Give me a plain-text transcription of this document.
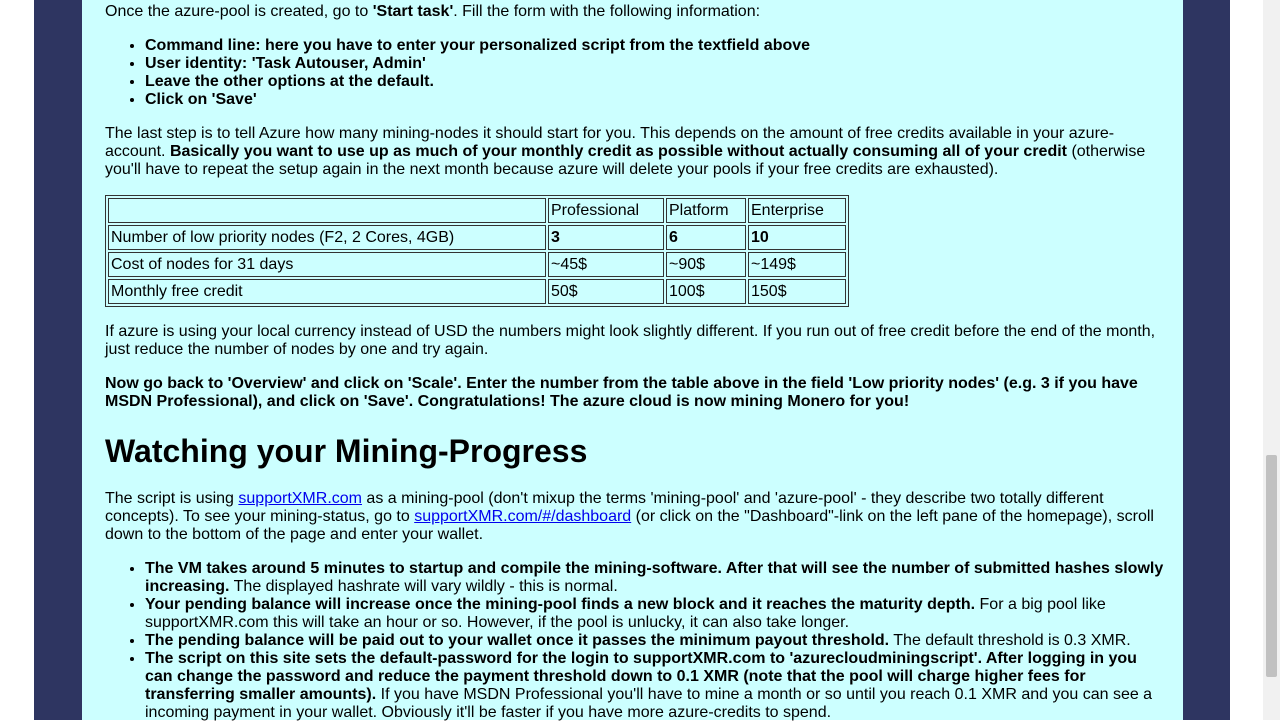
Once the azure-pool is created, go to 'Start task'. Fill the form with the following information:

• Command line: here you have to enter your personalized script from the textfield above
• User identity: 'Task Autouser, Admin'
• Leave the other options at the default.
• Click on 'Save'

The last step is to tell Azure how many mining-nodes it should start for you. This depends on the amount of free credits available in your azure-account. Basically you want to use up as much of your monthly credit as possible without actually consuming all of your credit (otherwise you'll have to repeat the setup again in the next month because azure will delete your pools if your free credits are exhausted).

	Professional	Platform	Enterprise
Number of low priority nodes (F2, 2 Cores, 4GB)	3	6	10
Cost of nodes for 31 days	~45$	~90$	~149$
Monthly free credit	50$	100$	150$

If azure is using your local currency instead of USD the numbers might look slightly different. If you run out of free credit before the end of the month, just reduce the number of nodes by one and try again.

Now go back to 'Overview' and click on 'Scale'. Enter the number from the table above in the field 'Low priority nodes' (e.g. 3 if you have MSDN Professional), and click on 'Save'. Congratulations! The azure cloud is now mining Monero for you!

Watching your Mining-Progress

The script is using supportXMR.com as a mining-pool (don't mixup the terms 'mining-pool' and 'azure-pool' - they describe two totally different concepts). To see your mining-status, go to supportXMR.com/#/dashboard (or click on the "Dashboard"-link on the left pane of the homepage), scroll down to the bottom of the page and enter your wallet.

• The VM takes around 5 minutes to startup and compile the mining-software. After that will see the number of submitted hashes slowly increasing. The displayed hashrate will vary wildly - this is normal.
• Your pending balance will increase once the mining-pool finds a new block and it reaches the maturity depth. For a big pool like supportXMR.com this will take an hour or so. However, if the pool is unlucky, it can also take longer.
• The pending balance will be paid out to your wallet once it passes the minimum payout threshold. The default threshold is 0.3 XMR.
• The script on this site sets the default-password for the login to supportXMR.com to 'azurecloudminingscript'. After logging in you can change the password and reduce the payment threshold down to 0.1 XMR (note that the pool will charge higher fees for transferring smaller amounts). If you have MSDN Professional you'll have to mine a month or so until you reach 0.1 XMR and you can see a incoming payment in your wallet. Obviously it'll be faster if you have more azure-credits to spend.
